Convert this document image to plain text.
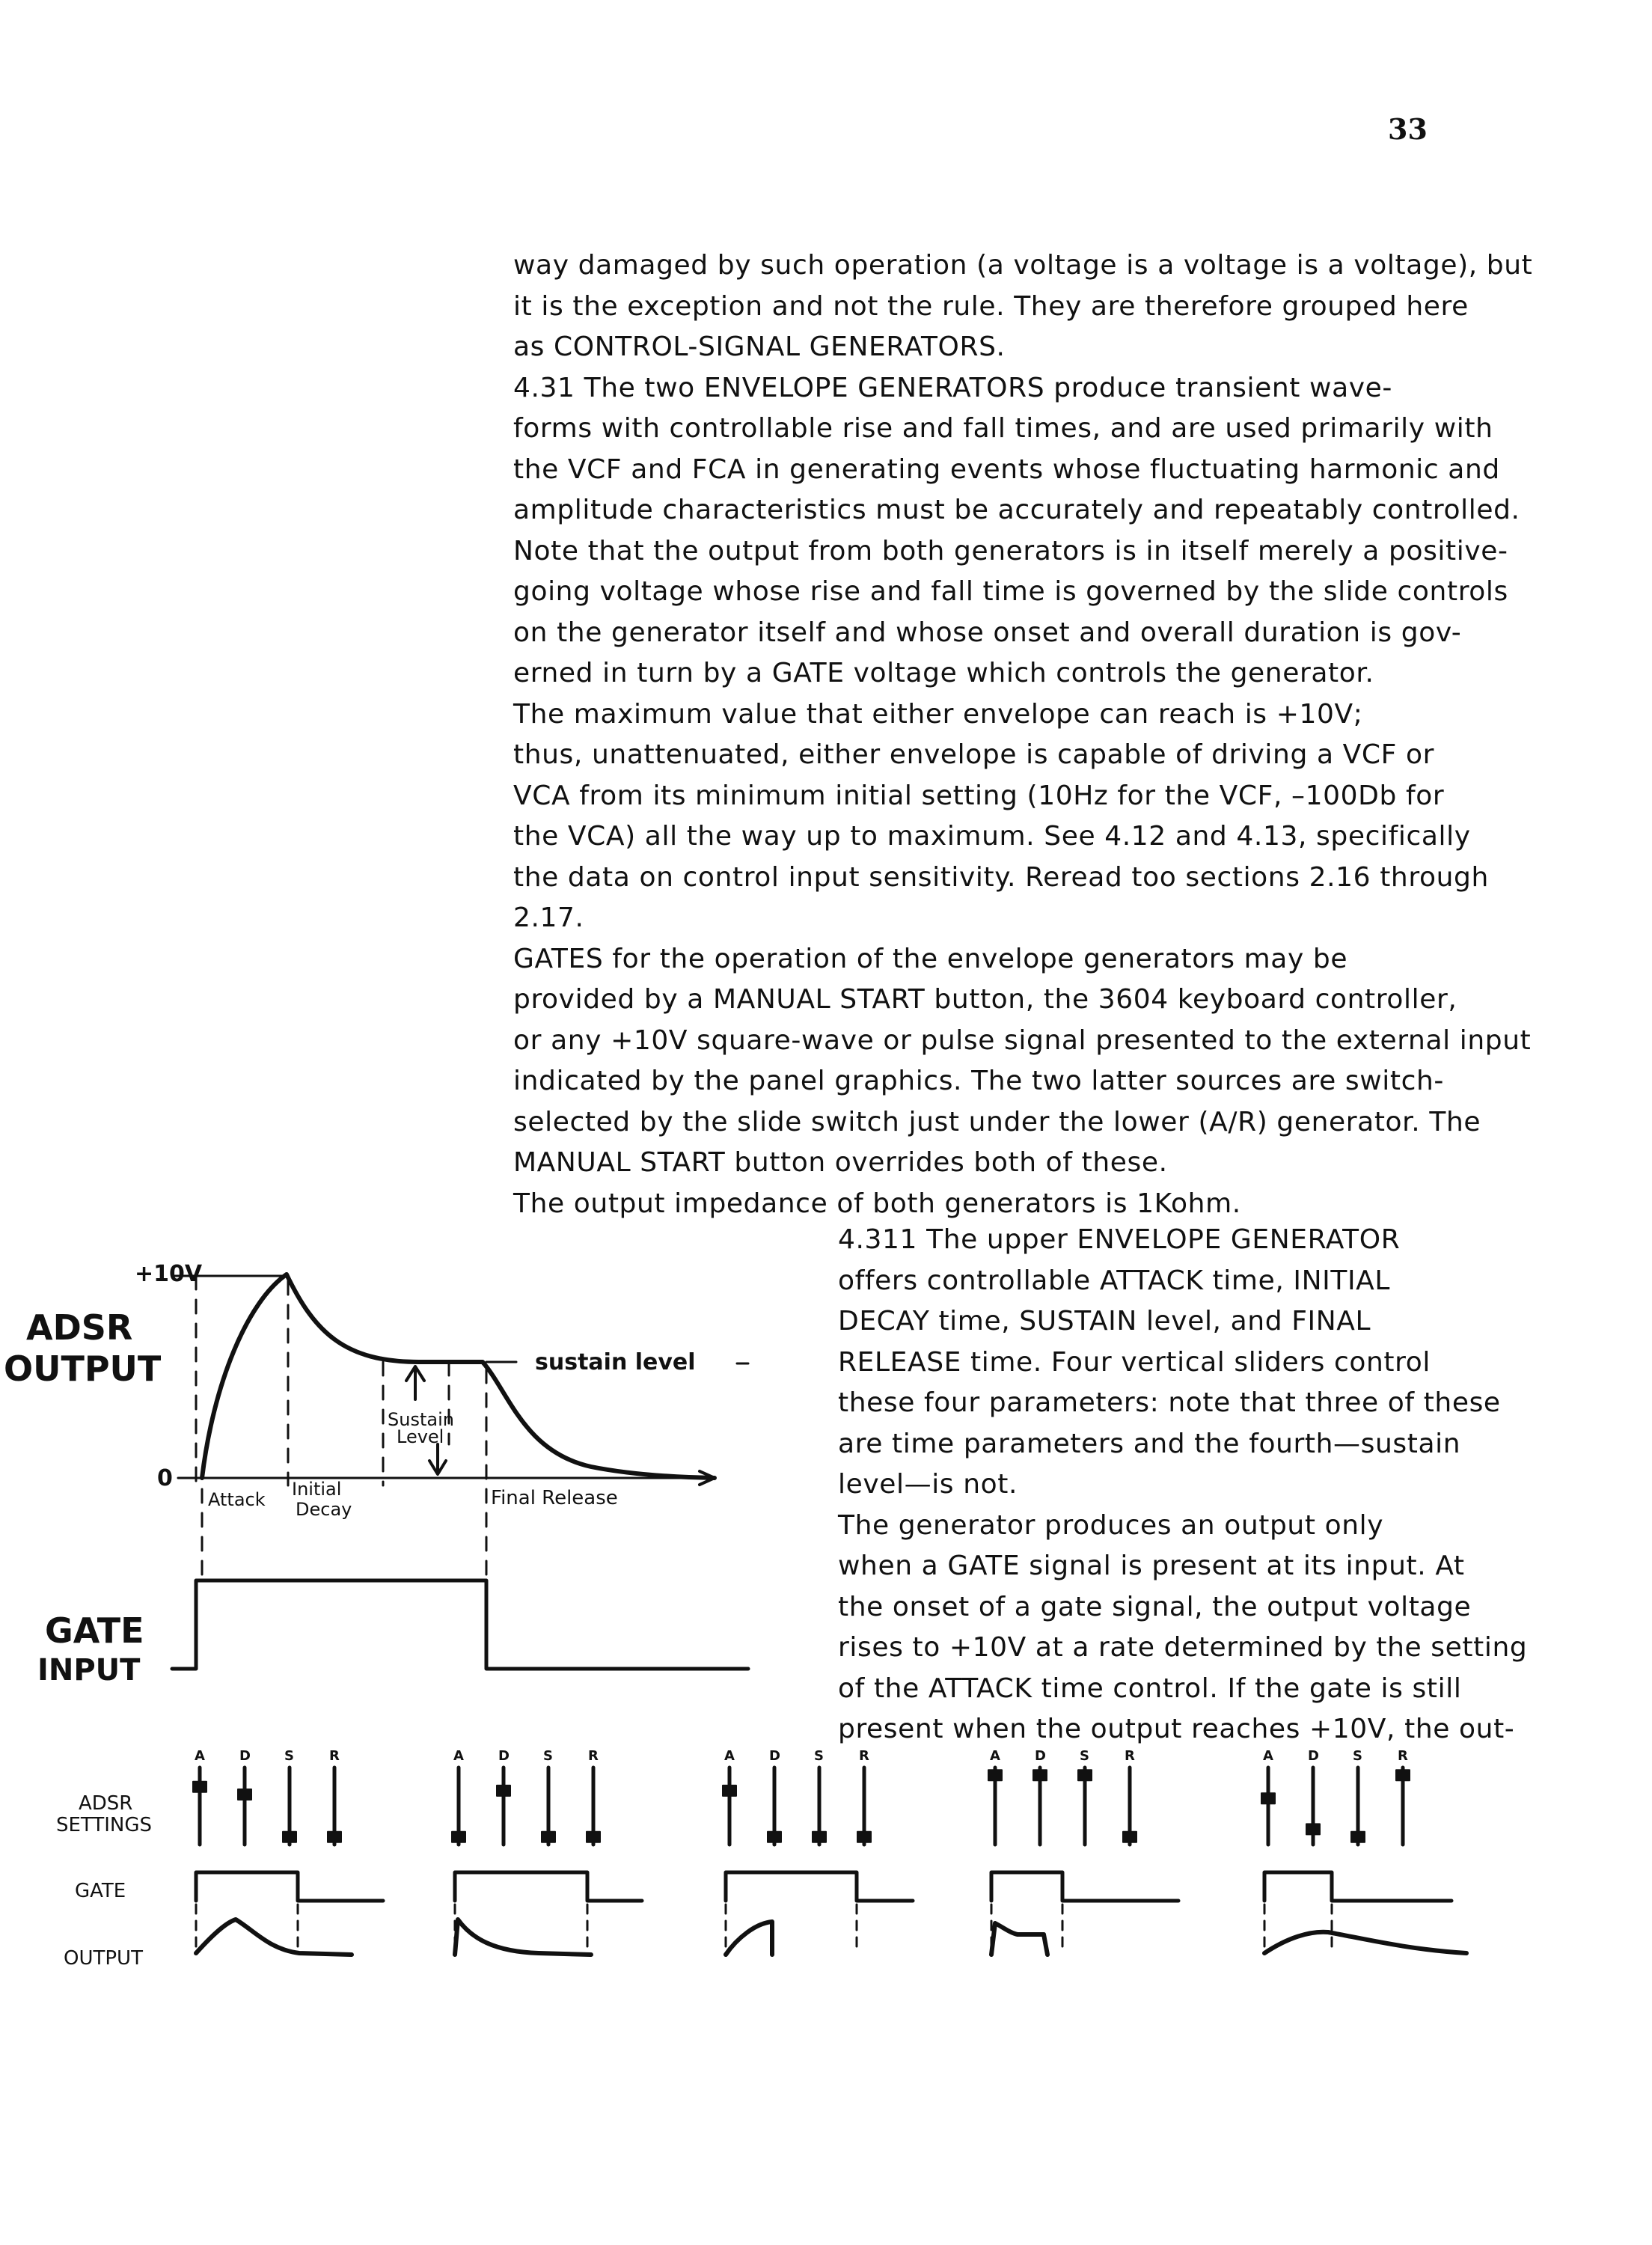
33
way damaged by such operation (a voltage is a voltage is a voltage), but
it is the exception and not the rule. They are therefore grouped here
as CONTROL-SIGNAL GENERATORS.
4.31 The two ENVELOPE GENERATORS produce transient wave-
forms with controllable rise and fall times, and are used primarily with
the VCF and FCA in generating events whose fluctuating harmonic and
amplitude characteristics must be accurately and repeatably controlled.
Note that the output from both generators is in itself merely a positive-
going voltage whose rise and fall time is governed by the slide controls
on the generator itself and whose onset and overall duration is gov-
erned in turn by a GATE voltage which controls the generator.
The maximum value that either envelope can reach is +10V;
thus, unattenuated, either envelope is capable of driving a VCF or
VCA from its minimum initial setting (10Hz for the VCF, –100Db for
the VCA) all the way up to maximum. See 4.12 and 4.13, specifically
the data on control input sensitivity. Reread too sections 2.16 through
2.17.
GATES for the operation of the envelope generators may be
provided by a MANUAL START button, the 3604 keyboard controller,
or any +10V square-wave or pulse signal presented to the external input
indicated by the panel graphics. The two latter sources are switch-
selected by the slide switch just under the lower (A/R) generator. The
MANUAL START button overrides both of these.
The output impedance of both generators is 1Kohm.
4.311 The upper ENVELOPE GENERATOR
offers controllable ATTACK time, INITIAL
DECAY time, SUSTAIN level, and FINAL
RELEASE time. Four vertical sliders control
these four parameters: note that three of these
are time parameters and the fourth—sustain
level—is not.
The generator produces an output only
when a GATE signal is present at its input. At
the onset of a gate signal, the output voltage
rises to +10V at a rate determined by the setting
of the ATTACK time control. If the gate is still
present when the output reaches +10V, the out-
+10V
ADSR
OUTPUT
0
sustain level
Sustain
Level
Attack Initial
Decay	Final Release
GATE
INPUT
ADSR
SETTINGS
GATE
OUTPUT
A	D	S	R	A	D	S	R	A	D	S	R	A	D	S	R	A	D	S	R
